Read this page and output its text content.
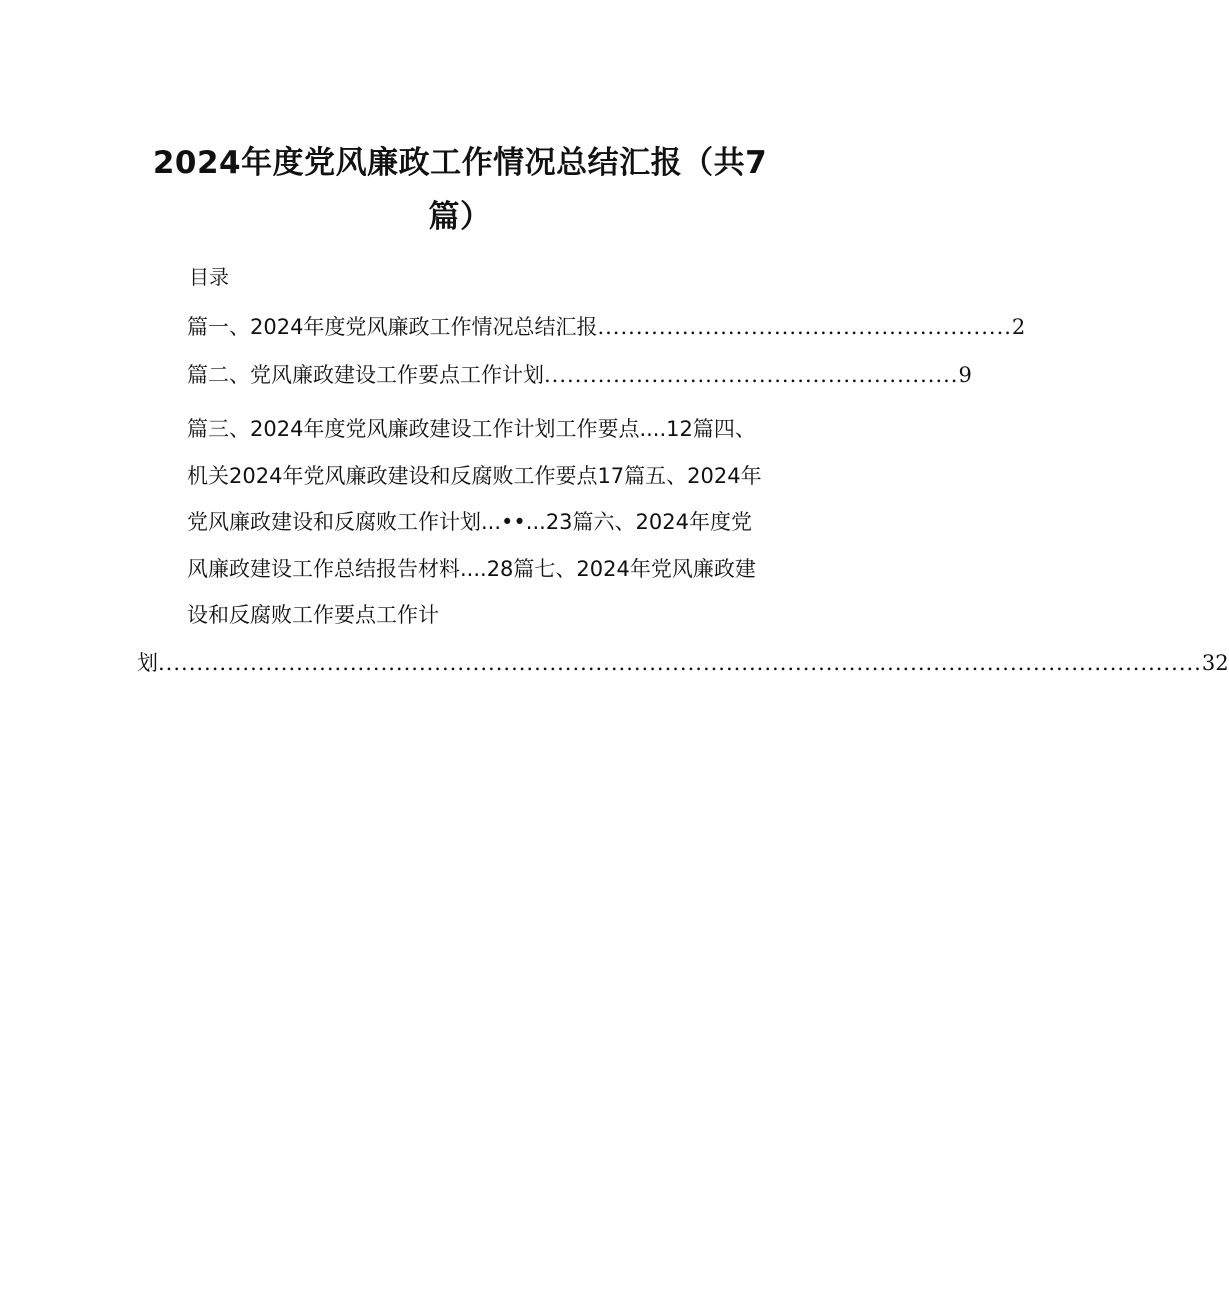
2024年度党风廉政工作情况总结汇报（共7
篇）
目录
篇一、2024年度党风廉政工作情况总结汇报 ...................................................... 2
篇二、党风廉政建设工作要点工作计划 ...................................................... 9
篇三、2024年度党风廉政建设工作计划工作要点....12篇四、
机关2024年党风廉政建设和反腐败工作要点17篇五、2024年
党风廉政建设和反腐败工作计划...••...23篇六、2024年度党
风廉政建设工作总结报告材料....28篇七、2024年党风廉政建
设和反腐败工作要点工作计
划 ........................................................................................................................................ 32
